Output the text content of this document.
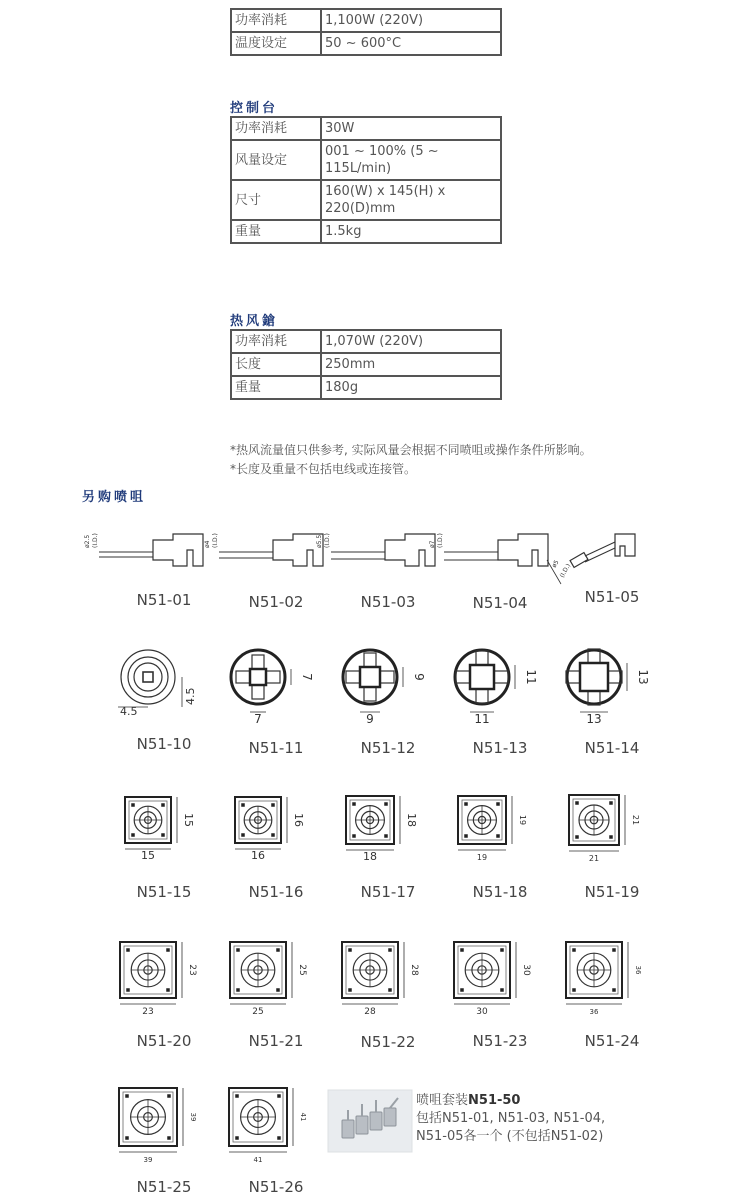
功率消耗	1,100W (220V)
温度设定	50 ~ 600°C
控制台
功率消耗	30W
风量设定	001 ~ 100% (5 ~ 115L/min)
尺寸	160(W) x 145(H) x 220(D)mm
重量	1.5kg
热风鎗
功率消耗	1,070W (220V)
长度	250mm
重量	180g
*热风流量值只供参考, 实际风量会根据不同喷咀或操作条件所影响。
*长度及重量不包括电线或连接管。
另购喷咀
ø2.5 (I.D.)	ø4 (I.D.)	ø5.5 (I.D.)	ø7 (I.D.)
ø5
(I.D.)
N51-01	N51-02	N51-03	N51-04	N51-05
4.5
4.5
7
7
9
9
11
11
13
13
N51-10	N51-11	N51-12	N51-13	N51-14
15
15
16
16
18
18
19
19
21
21
N51-15	N51-16	N51-17	N51-18	N51-19
23
23
25
25
28
28
30
30
36
36
N51-20	N51-21	N51-22	N51-23	N51-24
39
39
41
41
N51-25	N51-26
喷咀套装N51-50
包括N51-01, N51-03, N51-04,
N51-05各一个 (不包括N51-02)
